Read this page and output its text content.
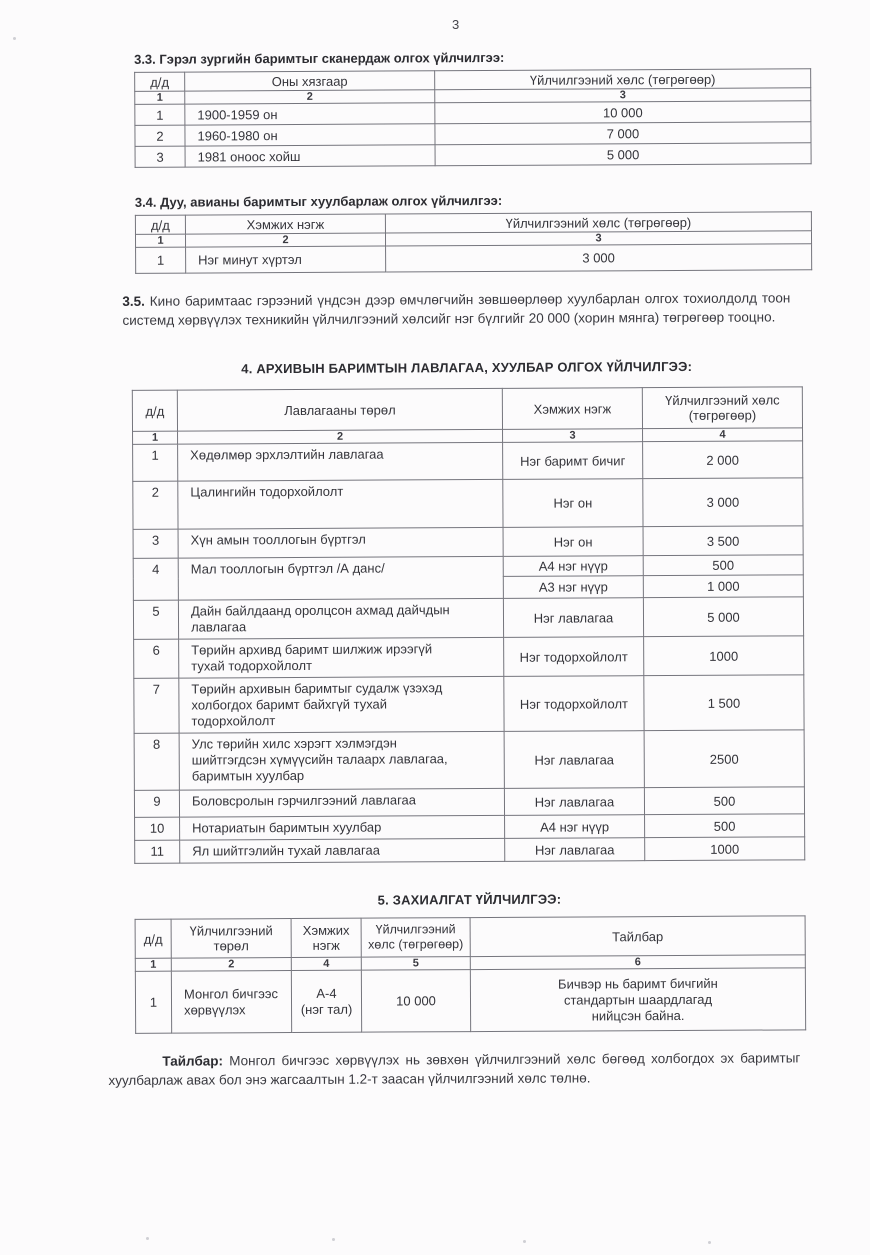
3
3.3. Гэрэл зургийн баримтыг сканердаж олгох үйлчилгээ:
д/д	Оны хязгаар	Үйлчилгээний хөлс (төгрөгөөр)
1	2	3
1	1900-1959 он	10 000
2	1960-1980 он	7 000
3	1981 оноос хойш	5 000
3.4. Дуу, авианы баримтыг хуулбарлаж олгох үйлчилгээ:
д/д	Хэмжих нэгж	Үйлчилгээний хөлс (төгрөгөөр)
1	2	3
1	Нэг минут хүртэл	3 000

3.5. Кино баримтаас гэрээний үндсэн дээр өмчлөгчийн зөвшөөрлөөр хуулбарлан олгох тохиолдолд тоон системд хөрвүүлэх техникийн үйлчилгээний хөлсийг нэг бүлгийг 20 000 (хорин мянга) төгрөгөөр тооцно.

4. АРХИВЫН БАРИМТЫН ЛАВЛАГАА, ХУУЛБАР ОЛГОХ ҮЙЛЧИЛГЭЭ:
д/д	Лавлагааны төрөл	Хэмжих нэгж	Үйлчилгээний хөлс (төгрөгөөр)
1	2	3	4
1	Хөдөлмөр эрхлэлтийн лавлагаа	Нэг баримт бичиг	2 000
2	Цалингийн тодорхойлолт	Нэг он	3 000
3	Хүн амын тооллогын бүртгэл	Нэг он	3 500
4	Мал тооллогын бүртгэл /А данс/	А4 нэг нүүр	500
		А3 нэг нүүр	1 000
5	Дайн байлдаанд оролцсон ахмад дайчдын лавлагаа	Нэг лавлагаа	5 000
6	Төрийн архивд баримт шилжиж ирээгүй тухай тодорхойлолт	Нэг тодорхойлолт	1000
7	Төрийн архивын баримтыг судалж үзэхэд холбогдох баримт байхгүй тухай тодорхойлолт	Нэг тодорхойлолт	1 500
8	Улс төрийн хилс хэрэгт хэлмэгдэн шийтгэгдсэн хүмүүсийн талаарх лавлагаа, баримтын хуулбар	Нэг лавлагаа	2500
9	Боловсролын гэрчилгээний лавлагаа	Нэг лавлагаа	500
10	Нотариатын баримтын хуулбар	А4 нэг нүүр	500
11	Ял шийтгэлийн тухай лавлагаа	Нэг лавлагаа	1000
5. ЗАХИАЛГАТ ҮЙЛЧИЛГЭЭ:
д/д	Үйлчилгээний төрөл	Хэмжих нэгж	Үйлчилгээний хөлс (төгрөгөөр)	Тайлбар
1	2	4	5	6
1	Монгол бичгээс хөрвүүлэх	А-4
(нэг тал)	10 000	Бичвэр нь баримт бичгийн стандартын шаардлагад нийцсэн байна.

Тайлбар: Монгол бичгээс хөрвүүлэх нь зөвхөн үйлчилгээний хөлс бөгөөд холбогдох эх баримтыг хуулбарлаж авах бол энэ жагсаалтын 1.2-т заасан үйлчилгээний хөлс төлнө.
